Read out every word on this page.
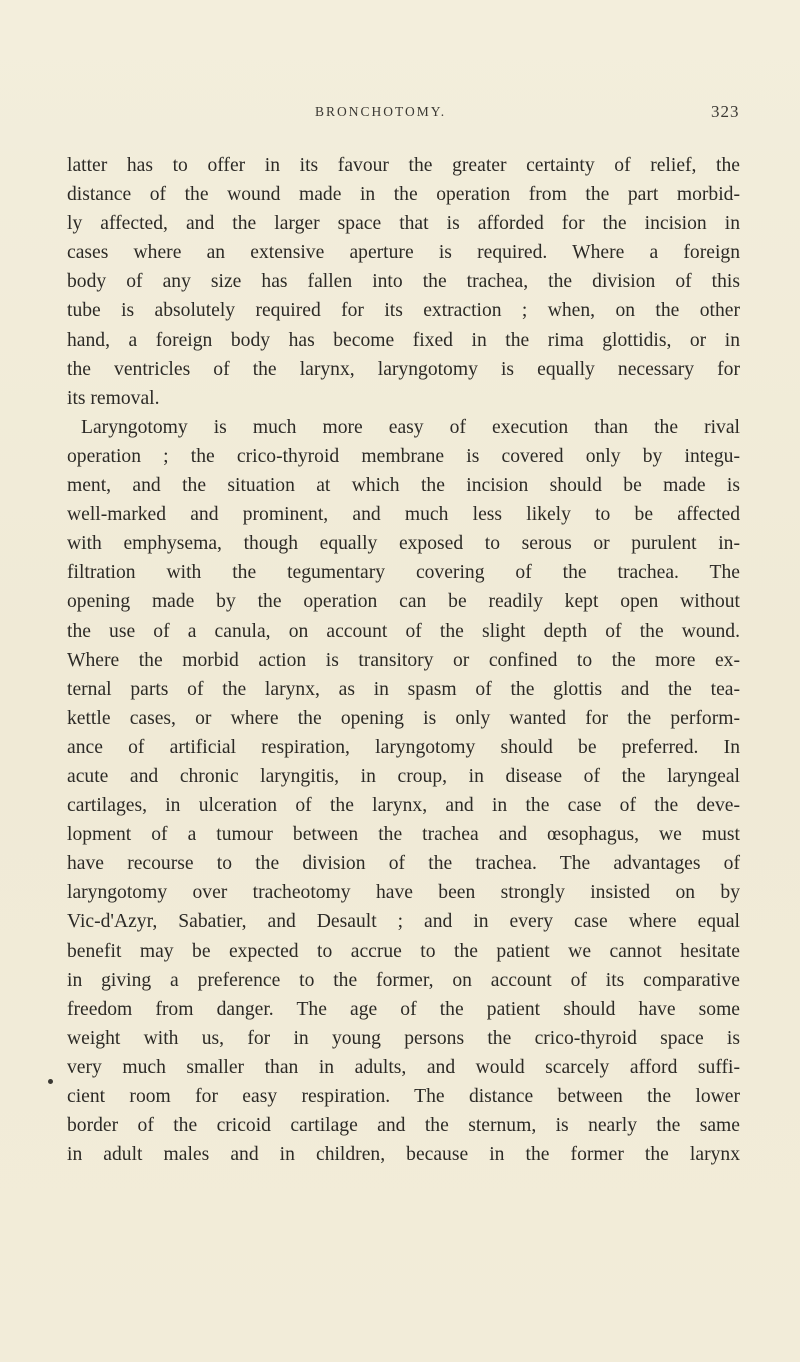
BRONCHOTOMY.	323
latter has to offer in its favour the greater certainty of relief, the
distance of the wound made in the operation from the part morbid-
ly affected, and the larger space that is afforded for the incision in
cases where an extensive aperture is required. Where a foreign
body of any size has fallen into the trachea, the division of this
tube is absolutely required for its extraction ; when, on the other
hand, a foreign body has become fixed in the rima glottidis, or in
the ventricles of the larynx, laryngotomy is equally necessary for
its removal.
Laryngotomy is much more easy of execution than the rival
operation ; the crico-thyroid membrane is covered only by integu-
ment, and the situation at which the incision should be made is
well-marked and prominent, and much less likely to be affected
with emphysema, though equally exposed to serous or purulent in-
filtration with the tegumentary covering of the trachea. The
opening made by the operation can be readily kept open without
the use of a canula, on account of the slight depth of the wound.
Where the morbid action is transitory or confined to the more ex-
ternal parts of the larynx, as in spasm of the glottis and the tea-
kettle cases, or where the opening is only wanted for the perform-
ance of artificial respiration, laryngotomy should be preferred. In
acute and chronic laryngitis, in croup, in disease of the laryngeal
cartilages, in ulceration of the larynx, and in the case of the deve-
lopment of a tumour between the trachea and œsophagus, we must
have recourse to the division of the trachea. The advantages of
laryngotomy over tracheotomy have been strongly insisted on by
Vic-d'Azyr, Sabatier, and Desault ; and in every case where equal
benefit may be expected to accrue to the patient we cannot hesitate
in giving a preference to the former, on account of its comparative
freedom from danger. The age of the patient should have some
weight with us, for in young persons the crico-thyroid space is
very much smaller than in adults, and would scarcely afford suffi-
cient room for easy respiration. The distance between the lower
border of the cricoid cartilage and the sternum, is nearly the same
in adult males and in children, because in the former the larynx
